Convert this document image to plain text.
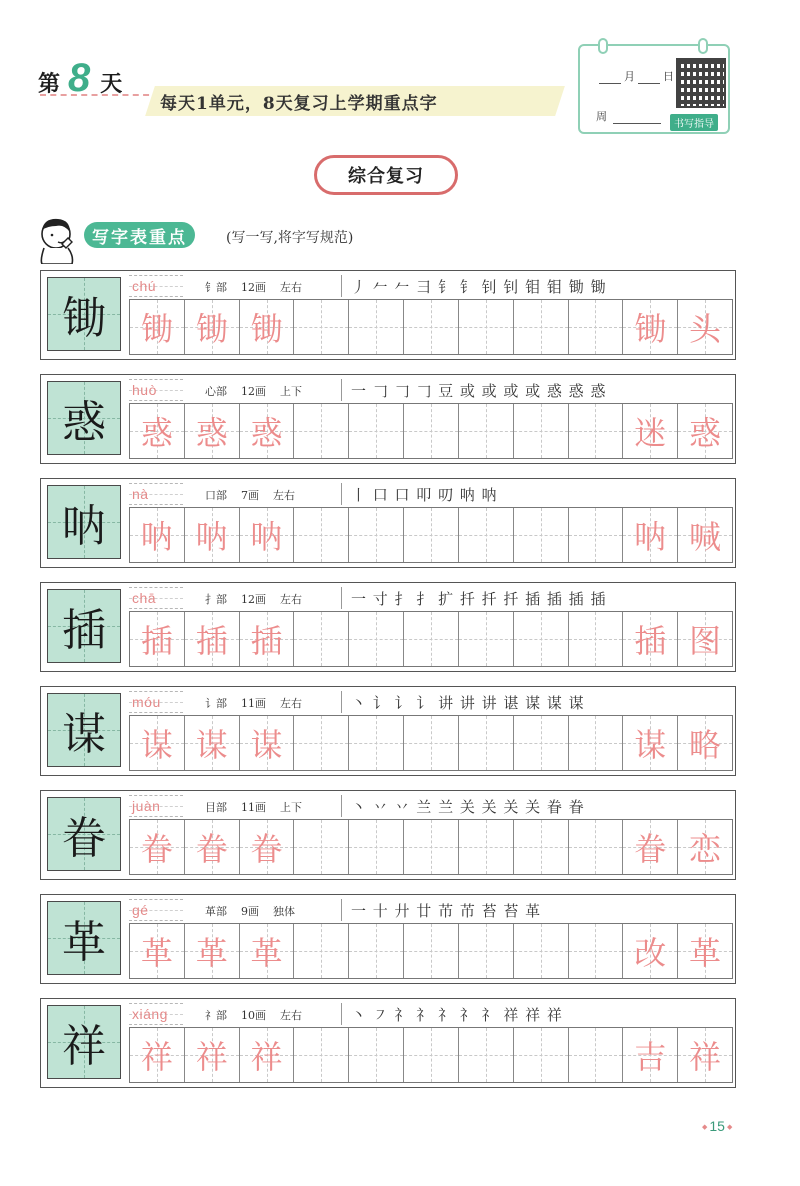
第 8 天
每天1单元，8天复习上学期重点字
月	日
周
书写指导
综合复习
写字表重点	(写一写,将字写规范)
锄
chú	钅部 12画 左右	丿 𠂉 𠂉 ⺕ 钅 钅 钊 钊 钼 钼 锄 锄
锄 锄 锄	锄 头
惑
huò	心部 12画 上下	一 𠃌 𠃌 𠃌 豆 或 或 或 或 惑 惑 惑
惑 惑 惑	迷 惑
呐
nà	口部 7画 左右	丨 口 口 叩 叨 呐 呐
呐 呐 呐	呐 喊
插
chā	扌部 12画 左右	一 寸 扌 扌 扩 扦 扦 扦 插 插 插 插
插 插 插	插 图
谋
móu	讠部 11画 左右	丶 讠 讠 讠 讲 讲 讲 谌 谋 谋 谋
谋 谋 谋	谋 略
眷
juàn	目部 11画 上下	丶 丷 丷 兰 兰 关 关 关 关 眷 眷
眷 眷 眷	眷 恋
革
gé	革部 9画 独体	一 十 廾 廿 芇 芇 苔 苔 革
革 革 革	改 革
祥
xiáng	礻部 10画 左右	丶 ㇇ 礻 礻 礻 礻 礻 祥 祥 祥
祥 祥 祥	吉 祥
◆ 15 ◆
